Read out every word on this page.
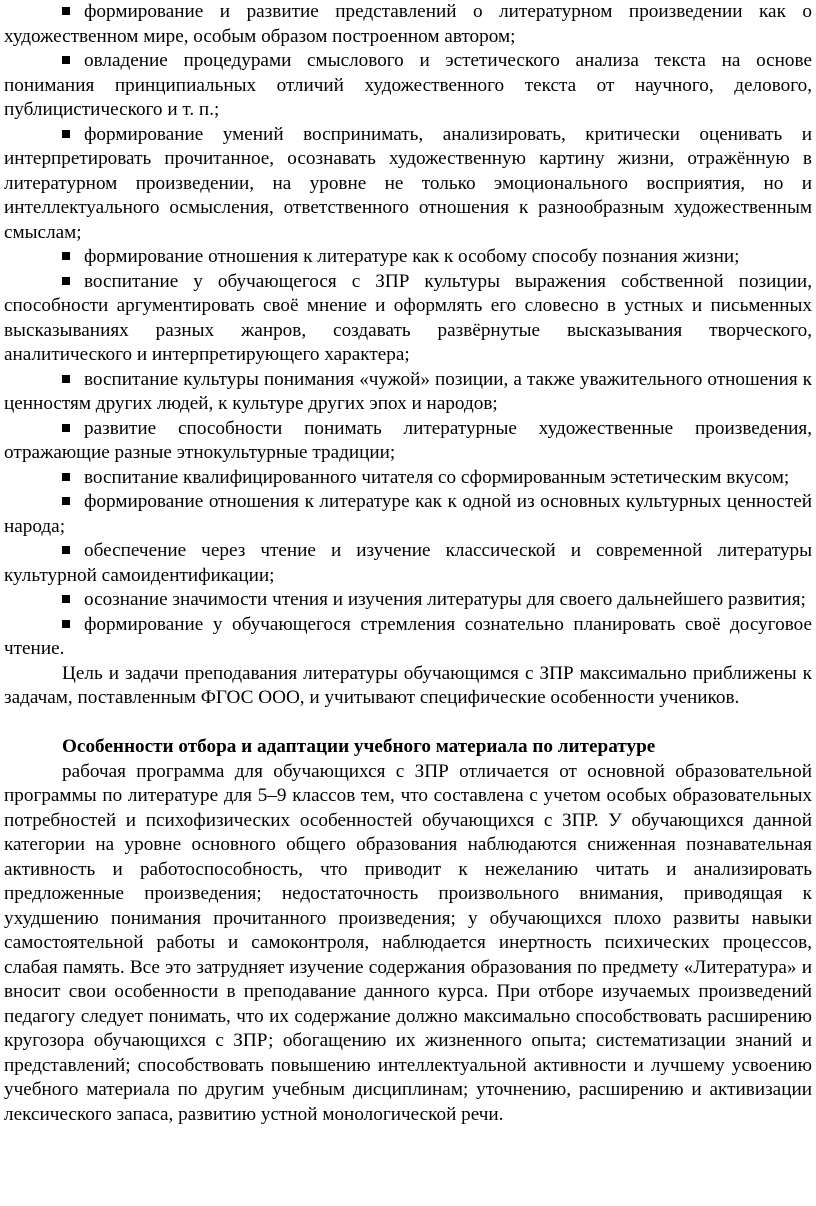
формирование и развитие представлений о литературном произведении как о художественном мире, особым образом построенном автором;

овладение процедурами смыслового и эстетического анализа текста на основе понимания принципиальных отличий художественного текста от научного, делового, публицистического и т. п.;

формирование умений воспринимать, анализировать, критически оценивать и интерпретировать прочитанное, осознавать художественную картину жизни, отражённую в литературном произведении, на уровне не только эмоционального восприятия, но и интеллектуального осмысления, ответственного отношения к разнообразным художественным смыслам;

формирование отношения к литературе как к особому способу познания жизни;

воспитание у обучающегося с ЗПР культуры выражения собственной позиции, способности аргументировать своё мнение и оформлять его словесно в устных и письменных высказываниях разных жанров, создавать развёрнутые высказывания творческого, аналитического и интерпретирующего характера;

воспитание культуры понимания «чужой» позиции, а также уважительного отношения к ценностям других людей, к культуре других эпох и народов;

развитие способности понимать литературные художественные произведения, отражающие разные этнокультурные традиции;

воспитание квалифицированного читателя со сформированным эстетическим вкусом;

формирование отношения к литературе как к одной из основных культурных ценностей народа;

обеспечение через чтение и изучение классической и современной литературы культурной самоидентификации;

осознание значимости чтения и изучения литературы для своего дальнейшего развития;

формирование у обучающегося стремления сознательно планировать своё досуговое чтение.

Цель и задачи преподавания литературы обучающимся с ЗПР максимально приближены к задачам, поставленным ФГОС ООО, и учитывают специфические особенности учеников.

Особенности отбора и адаптации учебного материала по литературе

рабочая программа для обучающихся с ЗПР отличается от основной образовательной программы по литературе для 5–9 классов тем, что составлена с учетом особых образовательных потребностей и психофизических особенностей обучающихся с ЗПР. У обучающихся данной категории на уровне основного общего образования наблюдаются сниженная познавательная активность и работоспособность, что приводит к нежеланию читать и анализировать предложенные произведения; недостаточность произвольного внимания, приводящая к ухудшению понимания прочитанного произведения; у обучающихся плохо развиты навыки самостоятельной работы и самоконтроля, наблюдается инертность психических процессов, слабая память. Все это затрудняет изучение содержания образования по предмету «Литература» и вносит свои особенности в преподавание данного курса. При отборе изучаемых произведений педагогу следует понимать, что их содержание должно максимально способствовать расширению кругозора обучающихся с ЗПР; обогащению их жизненного опыта; систематизации знаний и представлений; способствовать повышению интеллектуальной активности и лучшему усвоению учебного материала по другим учебным дисциплинам; уточнению, расширению и активизации лексического запаса, развитию устной монологической речи.
